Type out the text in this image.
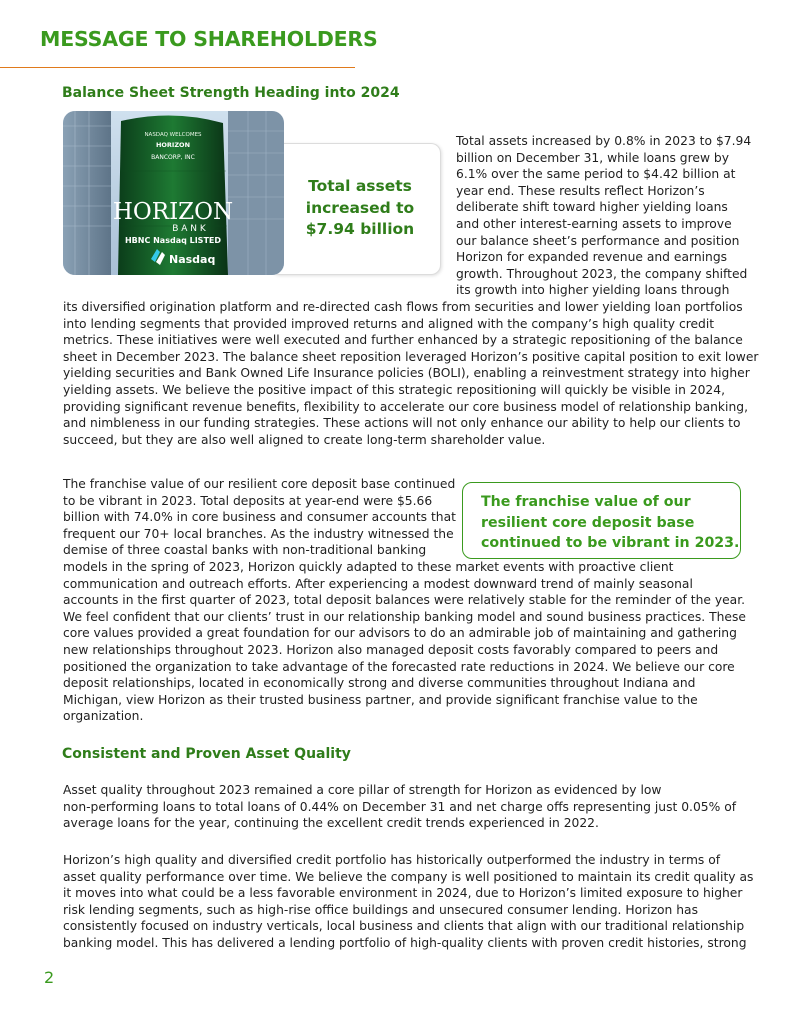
MESSAGE TO SHAREHOLDERS
Balance Sheet Strength Heading into 2024
Total assets
increased to
$7.94 billion
NASDAQ WELCOMES
HORIZON
BANCORP, INC
HORIZON
B A N K
HBNC Nasdaq LISTED
Nasdaq
Total assets increased by 0.8% in 2023 to $7.94
billion on December 31, while loans grew by
6.1% over the same period to $4.42 billion at
year end. These results reflect Horizon’s
deliberate shift toward higher yielding loans
and other interest-earning assets to improve
our balance sheet’s performance and position
Horizon for expanded revenue and earnings
growth. Throughout 2023, the company shifted
its growth into higher yielding loans through
its diversified origination platform and re-directed cash flows from securities and lower yielding loan portfolios
into lending segments that provided improved returns and aligned with the company’s high quality credit
metrics. These initiatives were well executed and further enhanced by a strategic repositioning of the balance
sheet in December 2023. The balance sheet reposition leveraged Horizon’s positive capital position to exit lower
yielding securities and Bank Owned Life Insurance policies (BOLI), enabling a reinvestment strategy into higher
yielding assets. We believe the positive impact of this strategic repositioning will quickly be visible in 2024,
providing significant revenue benefits, flexibility to accelerate our core business model of relationship banking,
and nimbleness in our funding strategies. These actions will not only enhance our ability to help our clients to
succeed, but they are also well aligned to create long-term shareholder value.
The franchise value of our resilient core deposit base continued
to be vibrant in 2023. Total deposits at year-end were $5.66
billion with 74.0% in core business and consumer accounts that
frequent our 70+ local branches. As the industry witnessed the
demise of three coastal banks with non-traditional banking
models in the spring of 2023, Horizon quickly adapted to these market events with proactive client
communication and outreach efforts. After experiencing a modest downward trend of mainly seasonal
accounts in the first quarter of 2023, total deposit balances were relatively stable for the reminder of the year.
We feel confident that our clients’ trust in our relationship banking model and sound business practices. These
core values provided a great foundation for our advisors to do an admirable job of maintaining and gathering
new relationships throughout 2023. Horizon also managed deposit costs favorably compared to peers and
positioned the organization to take advantage of the forecasted rate reductions in 2024. We believe our core
deposit relationships, located in economically strong and diverse communities throughout Indiana and
Michigan, view Horizon as their trusted business partner, and provide significant franchise value to the
organization.
The franchise value of our
resilient core deposit base
continued to be vibrant in 2023.
Consistent and Proven Asset Quality
Asset quality throughout 2023 remained a core pillar of strength for Horizon as evidenced by low
non-performing loans to total loans of 0.44% on December 31 and net charge offs representing just 0.05% of
average loans for the year, continuing the excellent credit trends experienced in 2022.
Horizon’s high quality and diversified credit portfolio has historically outperformed the industry in terms of
asset quality performance over time. We believe the company is well positioned to maintain its credit quality as
it moves into what could be a less favorable environment in 2024, due to Horizon’s limited exposure to higher
risk lending segments, such as high-rise office buildings and unsecured consumer lending. Horizon has
consistently focused on industry verticals, local business and clients that align with our traditional relationship
banking model. This has delivered a lending portfolio of high-quality clients with proven credit histories, strong
2
